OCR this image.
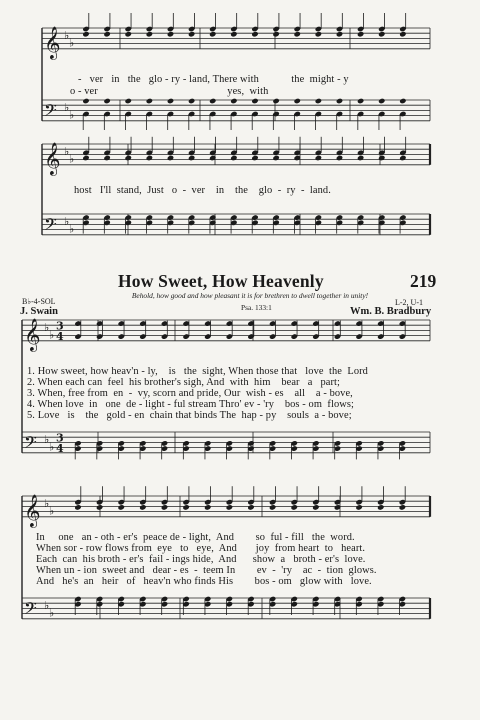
𝄞 ♭
♭
𝄢 ♭
♭
𝄞 ♭
♭
𝄢 ♭
♭
𝄞 ♭
♭ 4
3
𝄢 ♭
♭ 4
3
𝄞 ♭
♭
𝄢 ♭
♭
-   ver   in   the   glo - ry - land, There with            the  might - y
o - ver                                                yes,  with
host   I'll  stand,  Just   o  -  ver    in    the    glo  -  ry  -  land.
How Sweet, How Heavenly	219
B♭-4-SOL
Behold, how good and how pleasant it is for brethren to dwell together in unity!
Psa. 133:1
L-2, U-1
J. Swain	Wm. B. Bradbury
1. How sweet, how heav'n - ly,    is   the  sight, When those that   love  the  Lord
2. When each can  feel  his brother's sigh, And  with  him    bear   a   part;
3. When, free from  en  -  vy, scorn and pride, Our  wish - es    all    a - bove,
4. When love  in   one  de - light - ful stream Thro' ev - 'ry    bos - om  flows;
5. Love   is    the   gold - en  chain that binds The  hap - py    souls  a - bove;
In     one   an - oth - er's  peace de - light,  And        so  ful - fill   the  word.
When sor - row flows from  eye   to   eye,  And       joy  from heart  to   heart.
Each  can  his broth - er's  fail - ings hide,  And      show  a   broth - er's  love.
When un - ion  sweet and   dear - es  -  teem In        ev  -  'ry    ac  -  tion  glows.
And   he's  an   heir   of   heav'n who finds His        bos - om   glow with   love.
